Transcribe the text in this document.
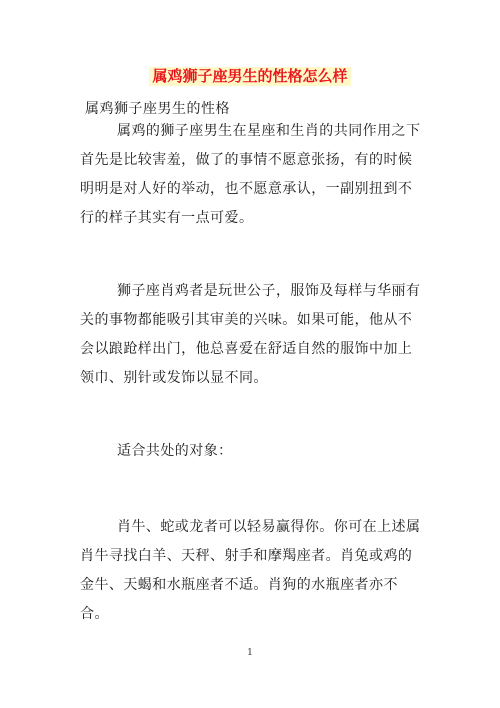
属鸡狮子座男生的性格怎么样
属鸡狮子座男生的性格

属鸡的狮子座男生在星座和生肖的共同作用之下首先是比较害羞，做了的事情不愿意张扬，有的时候明明是对人好的举动，也不愿意承认，一副别扭到不行的样子其实有一点可爱。

狮子座肖鸡者是玩世公子，服饰及每样与华丽有关的事物都能吸引其审美的兴味。如果可能，他从不会以踉跄样出门，他总喜爱在舒适自然的服饰中加上领巾、别针或发饰以显不同。

适合共处的对象：

肖牛、蛇或龙者可以轻易赢得你。你可在上述属肖牛寻找白羊、天秤、射手和摩羯座者。肖兔或鸡的金牛、天蝎和水瓶座者不适。肖狗的水瓶座者亦不合。

1
